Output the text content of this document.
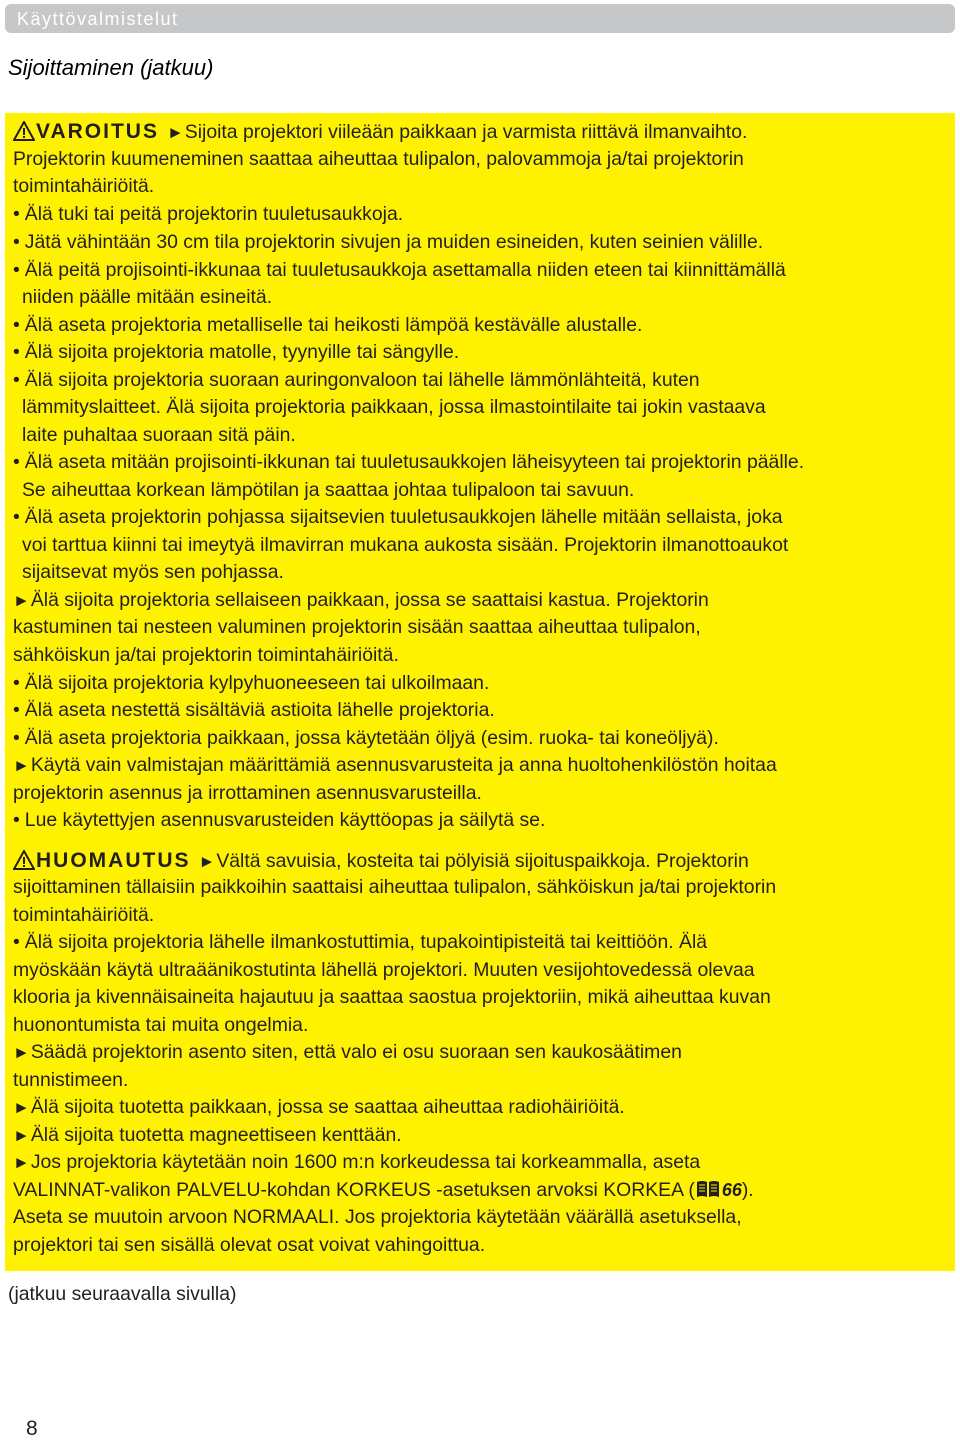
Käyttövalmistelut
Sijoittaminen (jatkuu)
VAROITUS ►Sijoita projektori viileään paikkaan ja varmista riittävä ilmanvaihto.
Projektorin kuumeneminen saattaa aiheuttaa tulipalon, palovammoja ja/tai projektorin
toimintahäiriöitä.
• Älä tuki tai peitä projektorin tuuletusaukkoja.
• Jätä vähintään 30 cm tila projektorin sivujen ja muiden esineiden, kuten seinien välille.
• Älä peitä projisointi-ikkunaa tai tuuletusaukkoja asettamalla niiden eteen tai kiinnittämällä
niiden päälle mitään esineitä.
• Älä aseta projektoria metalliselle tai heikosti lämpöä kestävälle alustalle.
• Älä sijoita projektoria matolle, tyynyille tai sängylle.
• Älä sijoita projektoria suoraan auringonvaloon tai lähelle lämmönlähteitä, kuten
lämmityslaitteet. Älä sijoita projektoria paikkaan, jossa ilmastointilaite tai jokin vastaava
laite puhaltaa suoraan sitä päin.
• Älä aseta mitään projisointi-ikkunan tai tuuletusaukkojen läheisyyteen tai projektorin päälle.
Se aiheuttaa korkean lämpötilan ja saattaa johtaa tulipaloon tai savuun.
• Älä aseta projektorin pohjassa sijaitsevien tuuletusaukkojen lähelle mitään sellaista, joka
voi tarttua kiinni tai imeytyä ilmavirran mukana aukosta sisään. Projektorin ilmanottoaukot
sijaitsevat myös sen pohjassa.
►Älä sijoita projektoria sellaiseen paikkaan, jossa se saattaisi kastua. Projektorin
kastuminen tai nesteen valuminen projektorin sisään saattaa aiheuttaa tulipalon,
sähköiskun ja/tai projektorin toimintahäiriöitä.
• Älä sijoita projektoria kylpyhuoneeseen tai ulkoilmaan.
• Älä aseta nestettä sisältäviä astioita lähelle projektoria.
• Älä aseta projektoria paikkaan, jossa käytetään öljyä (esim. ruoka- tai koneöljyä).
►Käytä vain valmistajan määrittämiä asennusvarusteita ja anna huoltohenkilöstön hoitaa
projektorin asennus ja irrottaminen asennusvarusteilla.
• Lue käytettyjen asennusvarusteiden käyttöopas ja säilytä se.
HUOMAUTUS ►Vältä savuisia, kosteita tai pölyisiä sijoituspaikkoja. Projektorin
sijoittaminen tällaisiin paikkoihin saattaisi aiheuttaa tulipalon, sähköiskun ja/tai projektorin
toimintahäiriöitä.
• Älä sijoita projektoria lähelle ilmankostuttimia, tupakointipisteitä tai keittiöön. Älä
myöskään käytä ultraäänikostutinta lähellä projektori. Muuten vesijohtovedessä olevaa
klooria ja kivennäisaineita hajautuu ja saattaa saostua projektoriin, mikä aiheuttaa kuvan
huonontumista tai muita ongelmia.
►Säädä projektorin asento siten, että valo ei osu suoraan sen kaukosäätimen
tunnistimeen.
►Älä sijoita tuotetta paikkaan, jossa se saattaa aiheuttaa radiohäiriöitä.
►Älä sijoita tuotetta magneettiseen kenttään.
►Jos projektoria käytetään noin 1600 m:n korkeudessa tai korkeammalla, aseta
VALINNAT-valikon PALVELU-kohdan KORKEUS -asetuksen arvoksi KORKEA ( 66).
Aseta se muutoin arvoon NORMAALI. Jos projektoria käytetään väärällä asetuksella,
projektori tai sen sisällä olevat osat voivat vahingoittua.
(jatkuu seuraavalla sivulla)
8
